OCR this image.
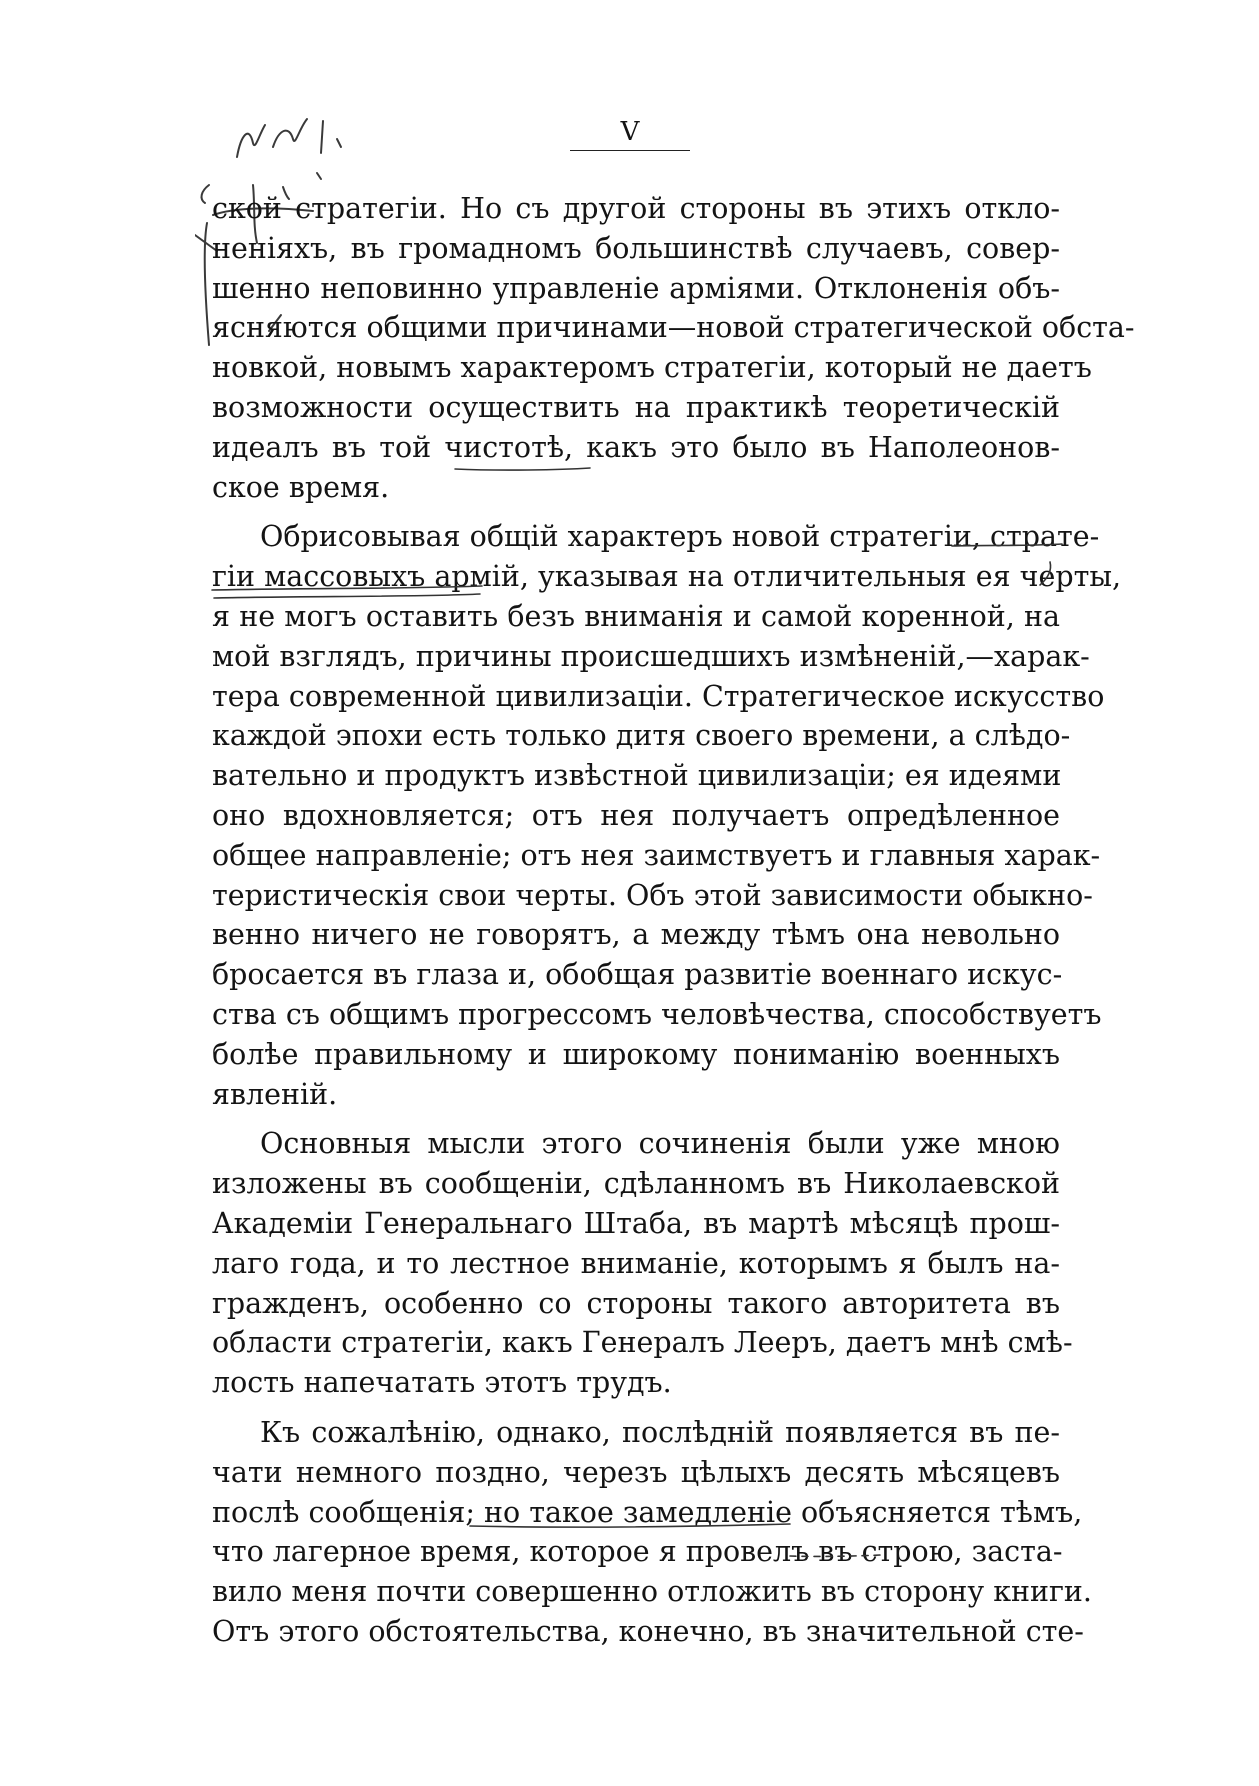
V
ской стратегіи. Но съ другой стороны въ этихъ откло-
неніяхъ, въ громадномъ большинствѣ случаевъ, совер-
шенно неповинно управленіе арміями. Отклоненія объ-
ясняются общими причинами—новой стратегической обста-
новкой, новымъ характеромъ стратегіи, который не даетъ
возможности осуществить на практикѣ теоретическій
идеалъ въ той чистотѣ, какъ это было въ Наполеонов-
ское время.
Обрисовывая общій характеръ новой стратегіи, страте-
гіи массовыхъ армій, указывая на отличительныя ея черты,
я не могъ оставить безъ вниманія и самой коренной, на
мой взглядъ, причины происшедшихъ измѣненій,—харак-
тера современной цивилизаціи. Стратегическое искусство
каждой эпохи есть только дитя своего времени, а слѣдо-
вательно и продуктъ извѣстной цивилизаціи; ея идеями
оно вдохновляется; отъ нея получаетъ опредѣленное
общее направленіе; отъ нея заимствуетъ и главныя харак-
теристическія свои черты. Объ этой зависимости обыкно-
венно ничего не говорятъ, а между тѣмъ она невольно
бросается въ глаза и, обобщая развитіе военнаго искус-
ства съ общимъ прогрессомъ человѣчества, способствуетъ
болѣе правильному и широкому пониманію военныхъ
явленій.
Основныя мысли этого сочиненія были уже мною
изложены въ сообщеніи, сдѣланномъ въ Николаевской
Академіи Генеральнаго Штаба, въ мартѣ мѣсяцѣ прош-
лаго года, и то лестное вниманіе, которымъ я былъ на-
гражденъ, особенно со стороны такого авторитета въ
области стратегіи, какъ Генералъ Лееръ, даетъ мнѣ смѣ-
лость напечатать этотъ трудъ.
Къ сожалѣнію, однако, послѣдній появляется въ пе-
чати немного поздно, черезъ цѣлыхъ десять мѣсяцевъ
послѣ сообщенія; но такое замедленіе объясняется тѣмъ,
что лагерное время, которое я провелъ въ строю, заста-
вило меня почти совершенно отложить въ сторону книги.
Отъ этого обстоятельства, конечно, въ значительной сте-
